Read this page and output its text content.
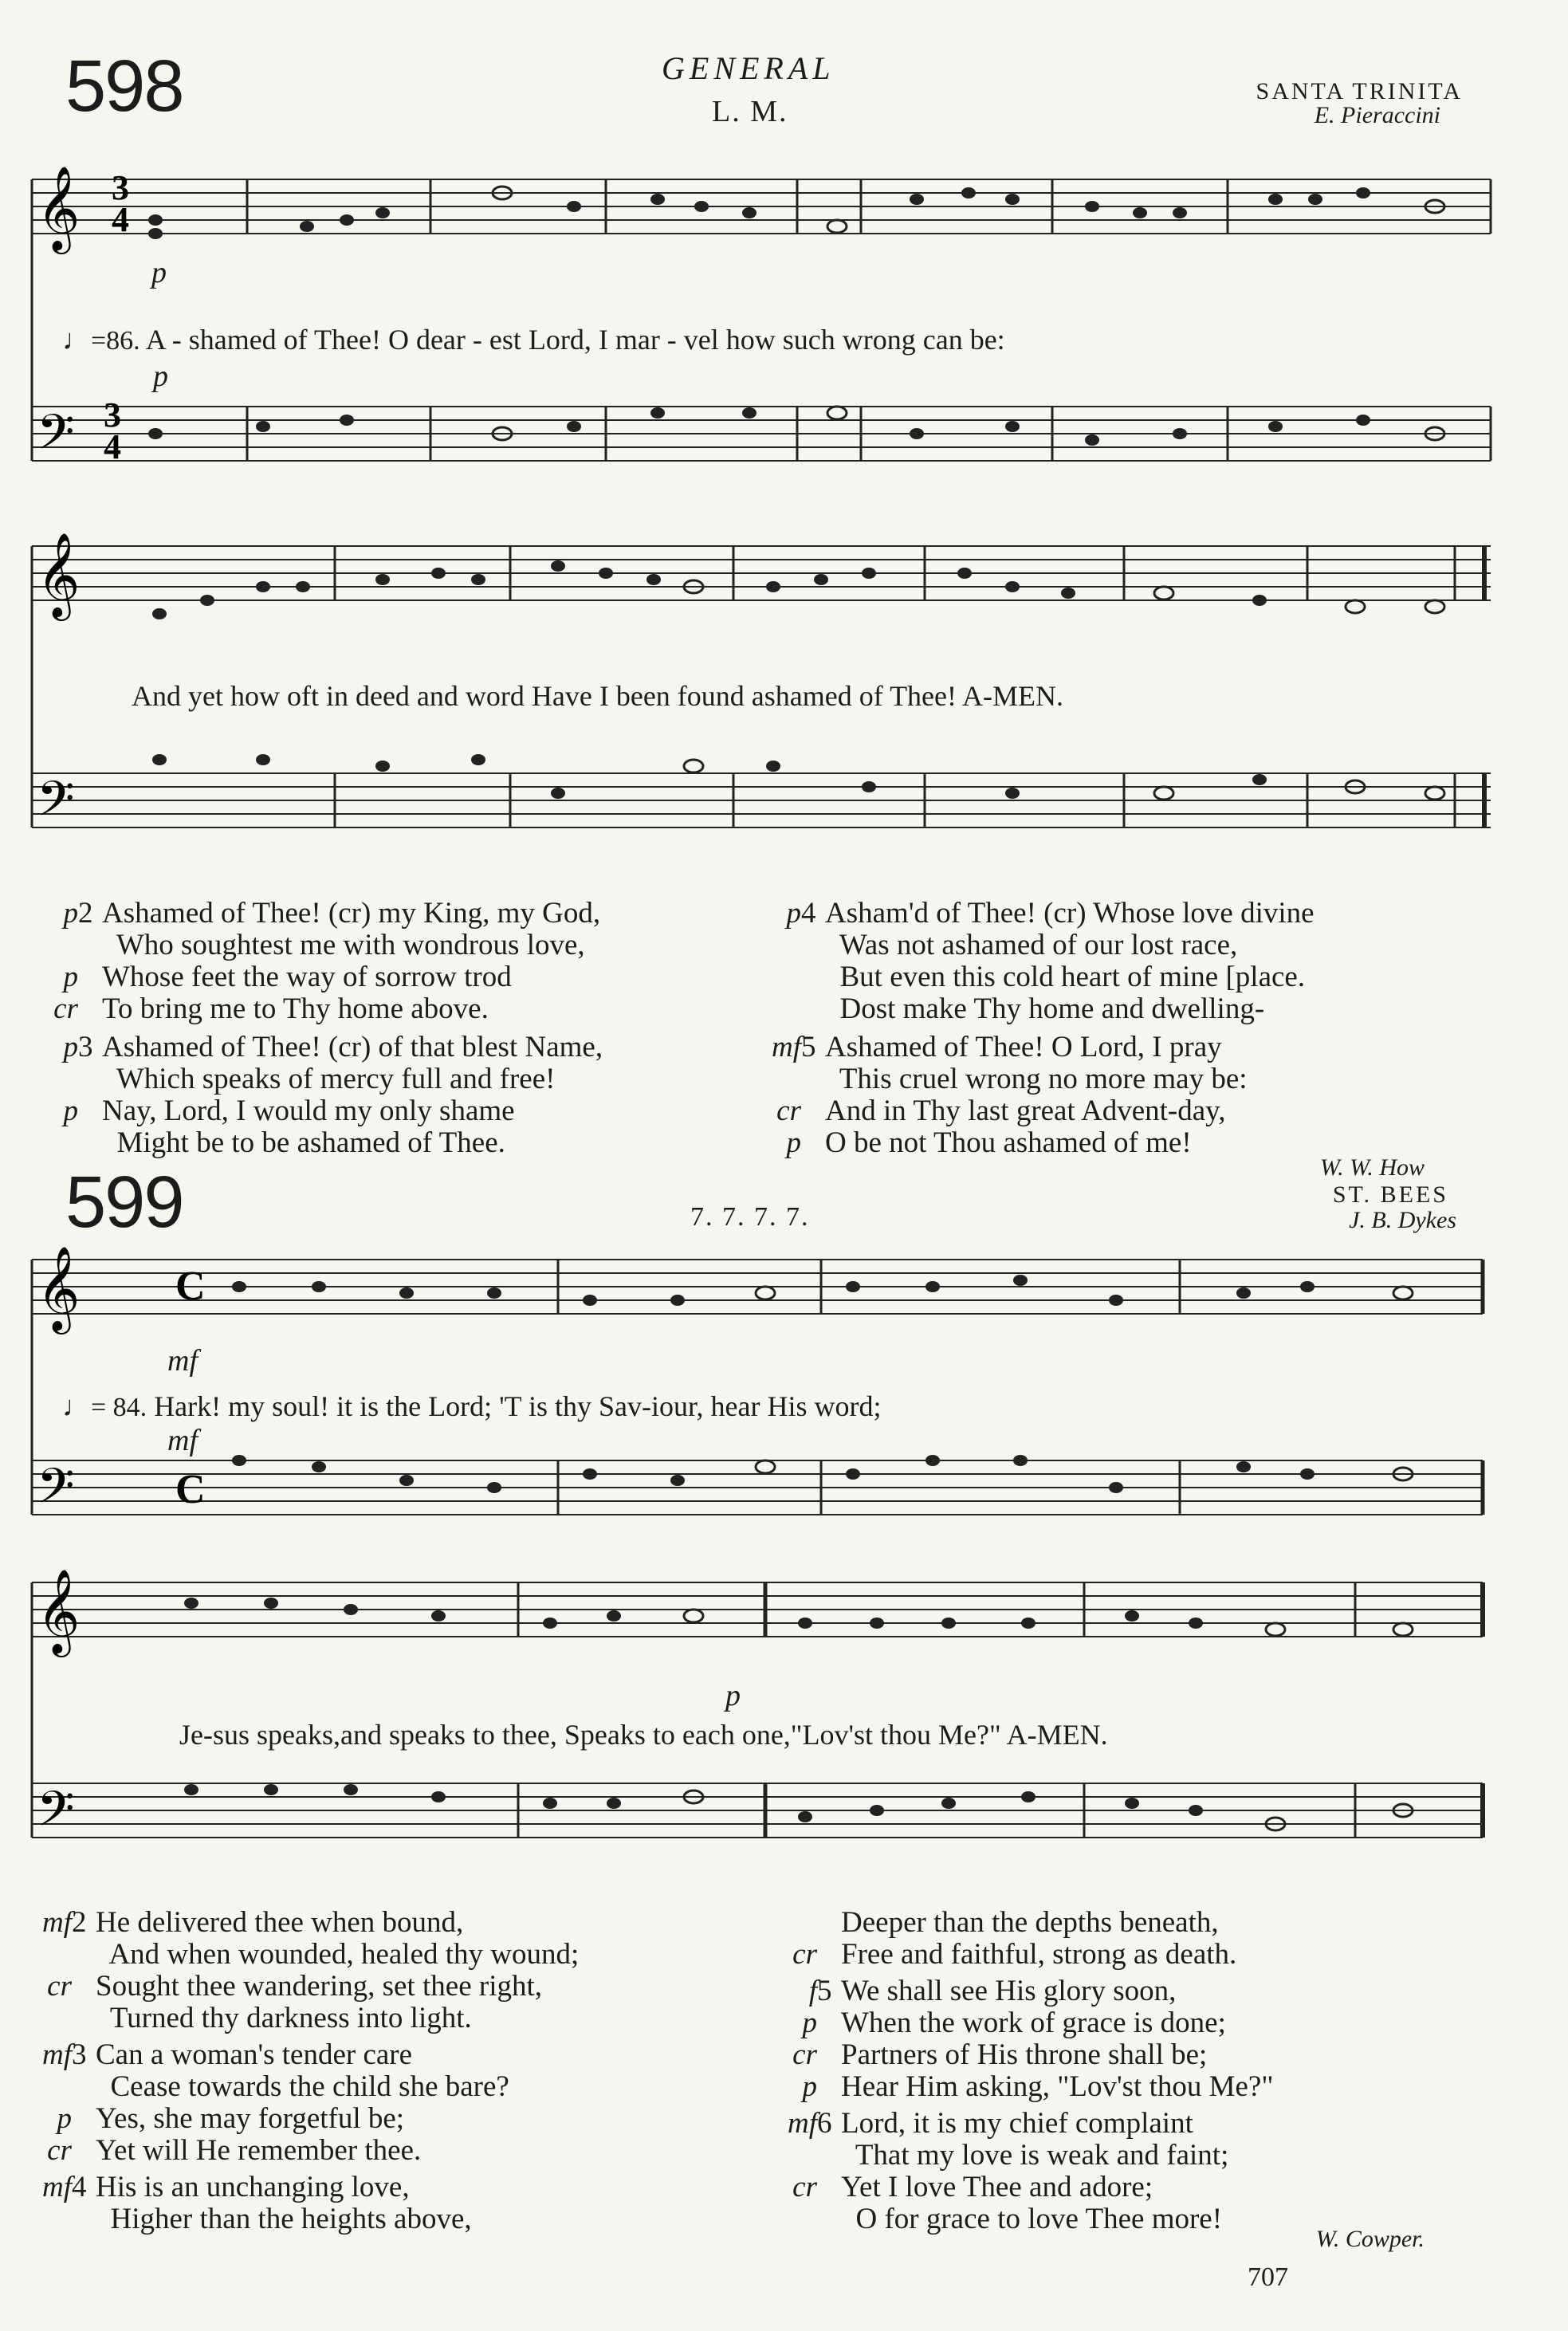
598	GENERAL
L. M.
SANTA TRINITA
E. Pieraccini
𝄞
𝄢
3
4
3
4
p
p
♩=86. A - shamed of Thee! O dear - est Lord, I mar - vel how such wrong can be:
𝄞
𝄢
And yet how oft in deed and word Have I been found ashamed of Thee! A-MEN.
p2 Ashamed of Thee! (cr) my King, my God,
Who soughtest me with wondrous love,
p Whose feet the way of sorrow trod
cr To bring me to Thy home above.
p3 Ashamed of Thee! (cr) of that blest Name,
Which speaks of mercy full and free!
p Nay, Lord, I would my only shame
Might be to be ashamed of Thee.
p4 Asham'd of Thee! (cr) Whose love divine
Was not ashamed of our lost race,
But even this cold heart of mine [place.
Dost make Thy home and dwelling-
mf5 Ashamed of Thee! O Lord, I pray
This cruel wrong no more may be:
cr And in Thy last great Advent-day,
p O be not Thou ashamed of me!
W. W. How
599	7. 7. 7. 7.
ST. BEES
J. B. Dykes
𝄞
𝄢
C
C
mf
mf
♩= 84. Hark! my soul! it is the Lord; 'T is thy Sav-iour, hear His word;
𝄞
𝄢
p
Je-sus speaks,and speaks to thee, Speaks to each one,"Lov'st thou Me?" A-MEN.
mf2 He delivered thee when bound,
And when wounded, healed thy wound;
cr Sought thee wandering, set thee right,
Turned thy darkness into light.
mf3 Can a woman's tender care
Cease towards the child she bare?
p Yes, she may forgetful be;
cr Yet will He remember thee.
mf4 His is an unchanging love,
Higher than the heights above,
Deeper than the depths beneath,
cr Free and faithful, strong as death.
f5 We shall see His glory soon,
p When the work of grace is done;
cr Partners of His throne shall be;
p Hear Him asking, "Lov'st thou Me?"
mf6 Lord, it is my chief complaint
That my love is weak and faint;
cr Yet I love Thee and adore;
O for grace to love Thee more!
W. Cowper.
707
